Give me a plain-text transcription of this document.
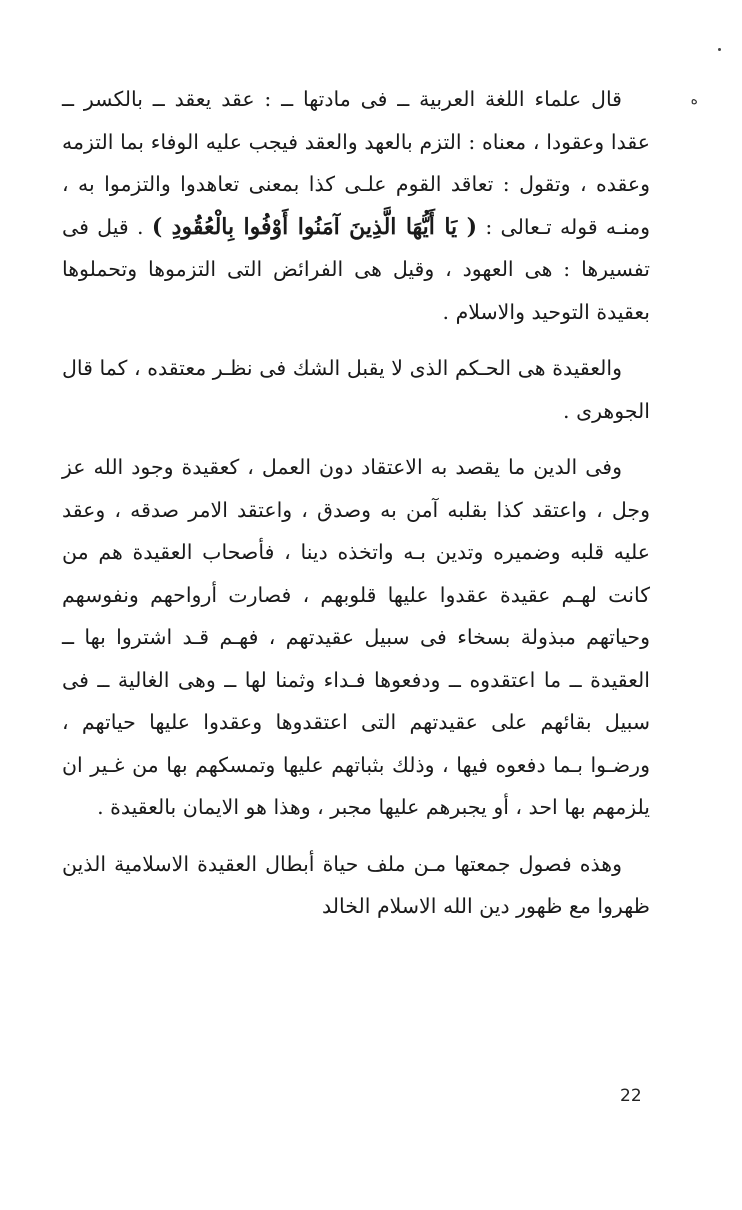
ه

قال علماء اللغة العربية ــ فى مادتها ــ : عقد يعقد ــ بالكسر ــ عقدا وعقودا ، معناه : التزم بالعهد والعقد فيجب عليه الوفاء بما التزمه وعقده ، وتقول : تعاقد القوم علـى كذا بمعنى تعاهدوا والتزموا به ، ومنـه قوله تـعالى : ( يَا أَيُّهَا الَّذِينَ آمَنُوا أَوْفُوا بِالْعُقُودِ ) . قيل فى تفسيرها : هى العهود ، وقيل هى الفرائض التى التزموها وتحملوها بعقيدة التوحيد والاسلام .

والعقيدة هى الحـكم الذى لا يقبل الشك فى نظـر معتقده ، كما قال الجوهرى .

وفى الدين ما يقصد به الاعتقاد دون العمل ، كعقيدة وجود الله عز وجل ، واعتقد كذا بقلبه آمن به وصدق ، واعتقد الامر صدقه ، وعقد عليه قلبه وضميره وتدين بـه واتخذه دينا ، فأصحاب العقيدة هم من كانت لهـم عقيدة عقدوا عليها قلوبهم ، فصارت أرواحهم ونفوسهم وحياتهم مبذولة بسخاء فى سبيل عقيدتهم ، فهـم قـد اشتروا بها ــ العقيدة ــ ما اعتقدوه ــ ودفعوها فـداء وثمنا لها ــ وهى الغالية ــ فى سبيل بقائهم على عقيدتهم التى اعتقدوها وعقدوا عليها حياتهم ، ورضـوا بـما دفعوه فيها ، وذلك بثباتهم عليها وتمسكهم بها من غـير ان يلزمهم بها احد ، أو يجبرهم عليها مجبر ، وهذا هو الايمان بالعقيدة .

وهذه فصول جمعتها مـن ملف حياة أبطال العقيدة الاسلامية الذين ظهروا مع ظهور دين الله الاسلام الخالد

22
